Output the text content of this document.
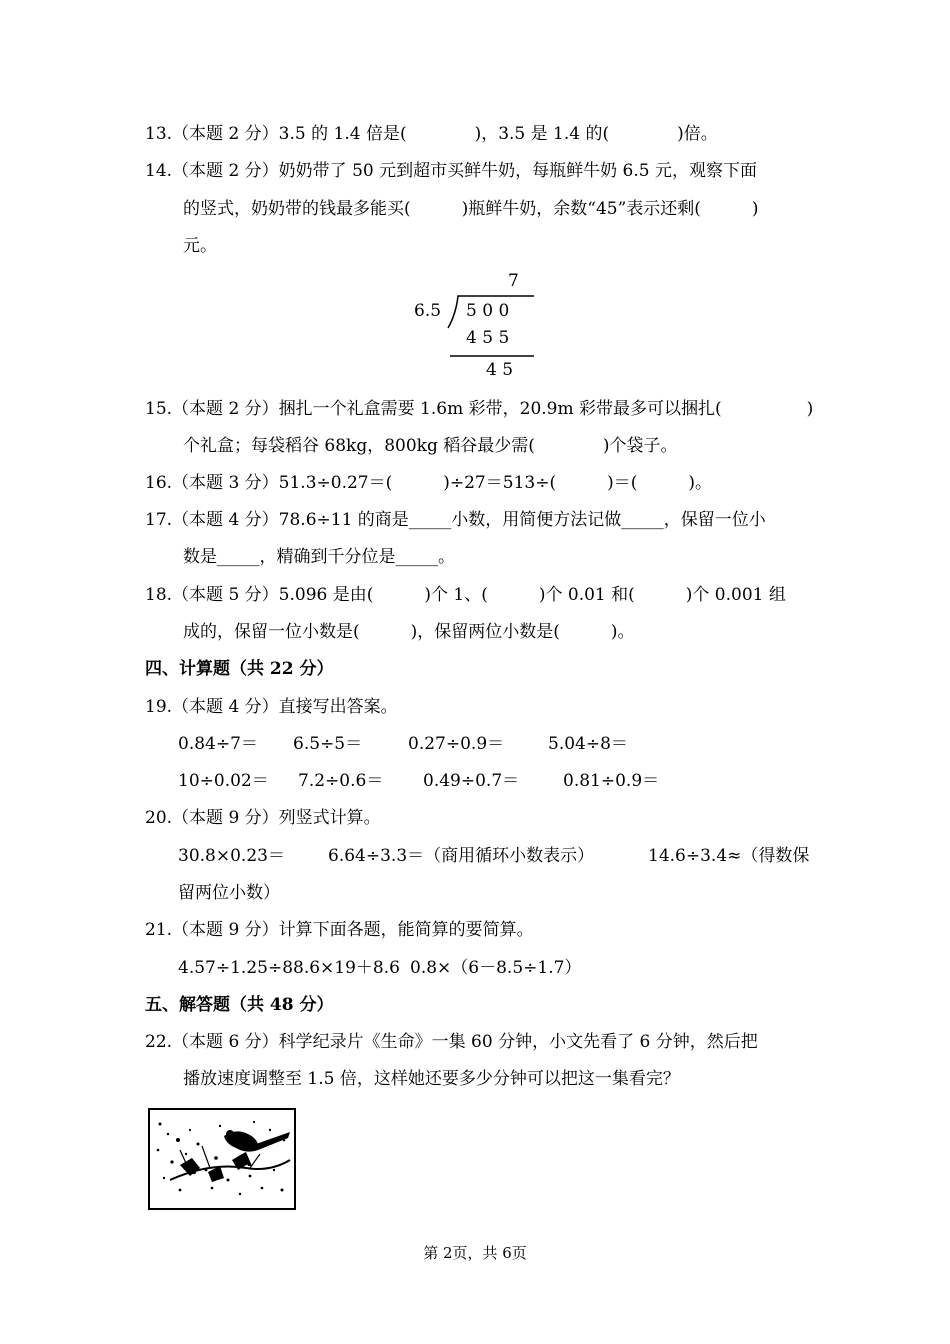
13.（本题 2 分）3.5 的 1.4 倍是(　　　　)，3.5 是 1.4 的(　　　　)倍。
14.（本题 2 分）奶奶带了 50 元到超市买鲜牛奶，每瓶鲜牛奶 6.5 元，观察下面
的竖式，奶奶带的钱最多能买(　　　)瓶鲜牛奶，余数“45”表示还剩(　　　)
元。
7
6.5 5 0 0
4 5 5
4 5
15.（本题 2 分）捆扎一个礼盒需要 1.6m 彩带，20.9m 彩带最多可以捆扎(　　　　　)
个礼盒；每袋稻谷 68kg，800kg 稻谷最少需(　　　　)个袋子。
16.（本题 3 分）51.3÷0.27＝(　　　)÷27＝513÷(　　　)＝(　　　)。
17.（本题 4 分）78.6÷11 的商是_____小数，用简便方法记做_____，保留一位小
数是_____，精确到千分位是_____。
18.（本题 5 分）5.096 是由(　　　)个 1、(　　　)个 0.01 和(　　　)个 0.001 组
成的，保留一位小数是(　　　)，保留两位小数是(　　　)。
四、计算题（共 22 分）
19.（本题 4 分）直接写出答案。
0.84÷7＝ 6.5÷5＝	0.27÷0.9＝	5.04÷8＝
10÷0.02＝ 7.2÷0.6＝ 0.49÷0.7＝	0.81÷0.9＝
20.（本题 9 分）列竖式计算。
30.8×0.23＝	6.64÷3.3＝（商用循环小数表示）	14.6÷3.4≈（得数保
留两位小数）
21.（本题 9 分）计算下面各题，能简算的要简算。
4.57÷1.25÷8 8.6×19＋8.6 0.8×（6－8.5÷1.7）
五、解答题（共 48 分）
22.（本题 6 分）科学纪录片《生命》一集 60 分钟，小文先看了 6 分钟，然后把
播放速度调整至 1.5 倍，这样她还要多少分钟可以把这一集看完？
第 2页，共 6页
